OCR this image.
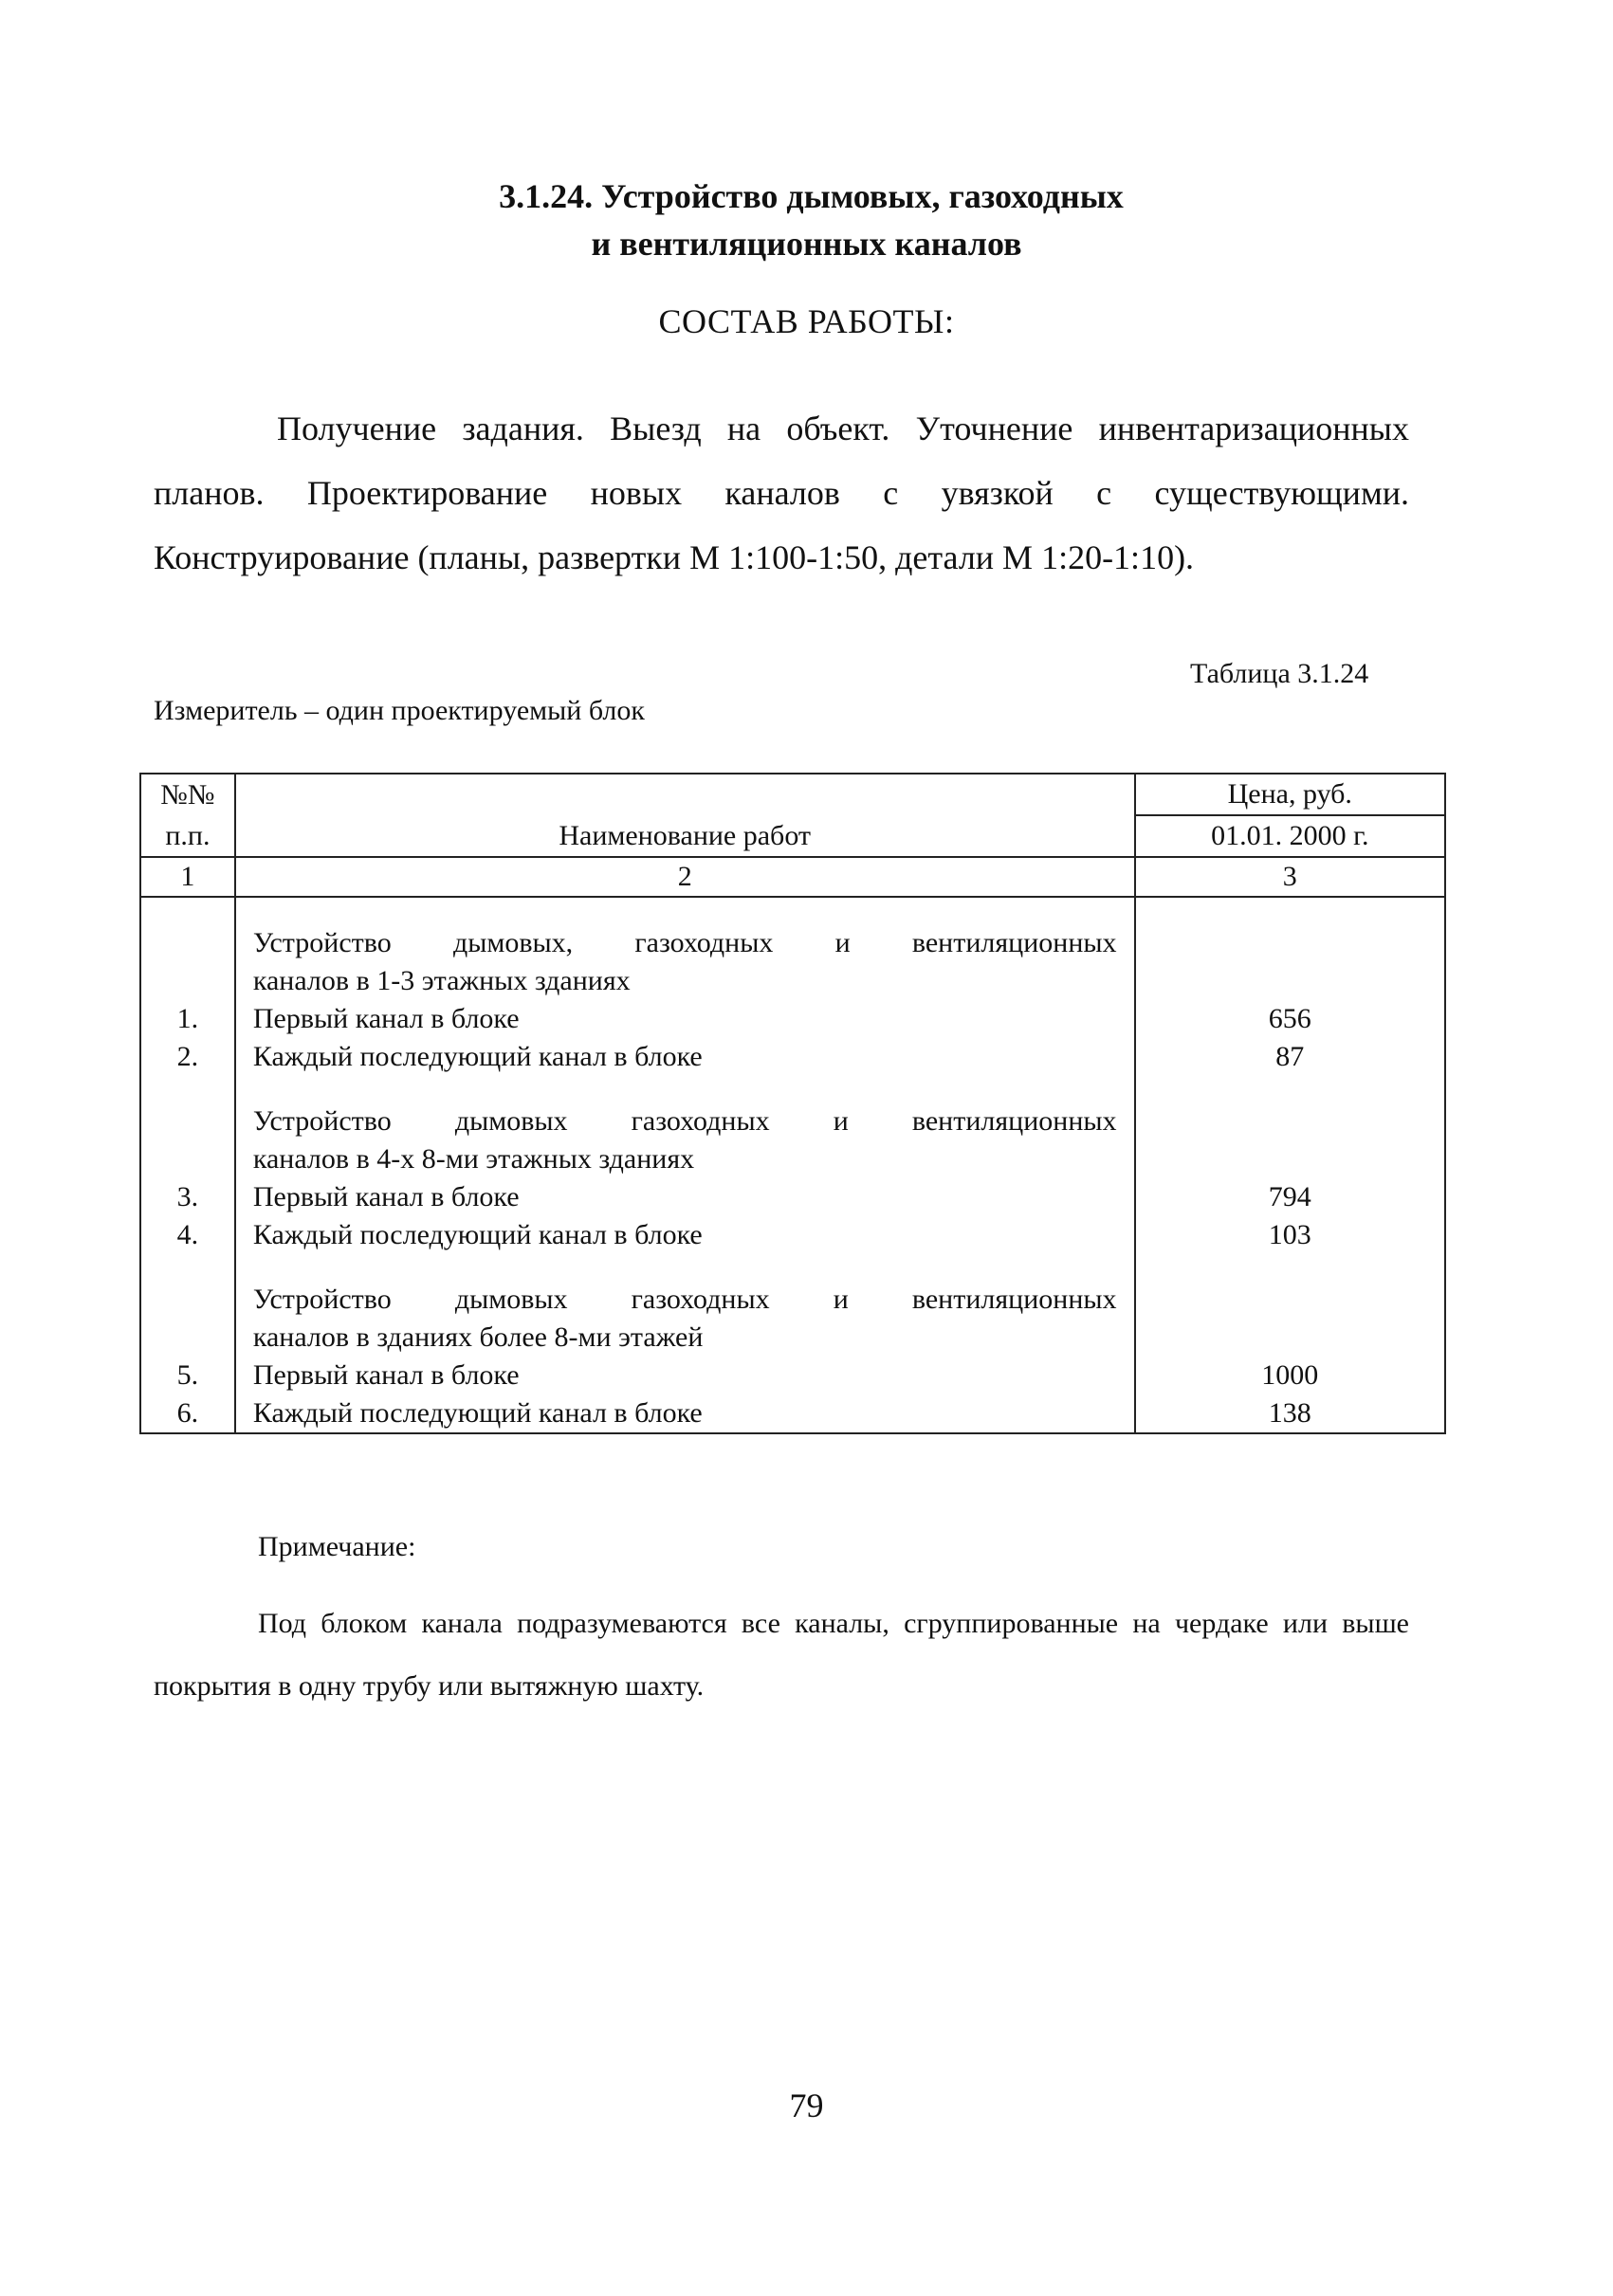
3.1.24. Устройство дымовых, газоходных
и вентиляционных каналов
СОСТАВ РАБОТЫ:
Получение задания. Выезд на объект. Уточнение инвентаризационных планов. Проектирование новых каналов с увязкой с существующими. Конструирование (планы, развертки М 1:100-1:50, детали М 1:20-1:10).
Таблица 3.1.24
Измеритель – один проектируемый блок
№№	Наименование работ	Цена, руб.
п.п.		01.01. 2000 г.
1	2	3

	Устройство дымовых, газоходных и вентиляционных	

	каналов в 1-3 этажных зданиях	
1.	Первый канал в блоке	656
2.	Каждый последующий канал в блоке	87

	Устройство дымовых газоходных и вентиляционных	

	каналов в 4-х 8-ми этажных зданиях	
3.	Первый канал в блоке	794
4.	Каждый последующий канал в блоке	103

	Устройство дымовых газоходных и вентиляционных	

	каналов в зданиях более 8-ми этажей	
5.	Первый канал в блоке	1000
6.	Каждый последующий канал в блоке	138
Примечание:
Под блоком канала подразумеваются все каналы, сгруппированные на чердаке или выше покрытия в одну трубу или вытяжную шахту.
79
